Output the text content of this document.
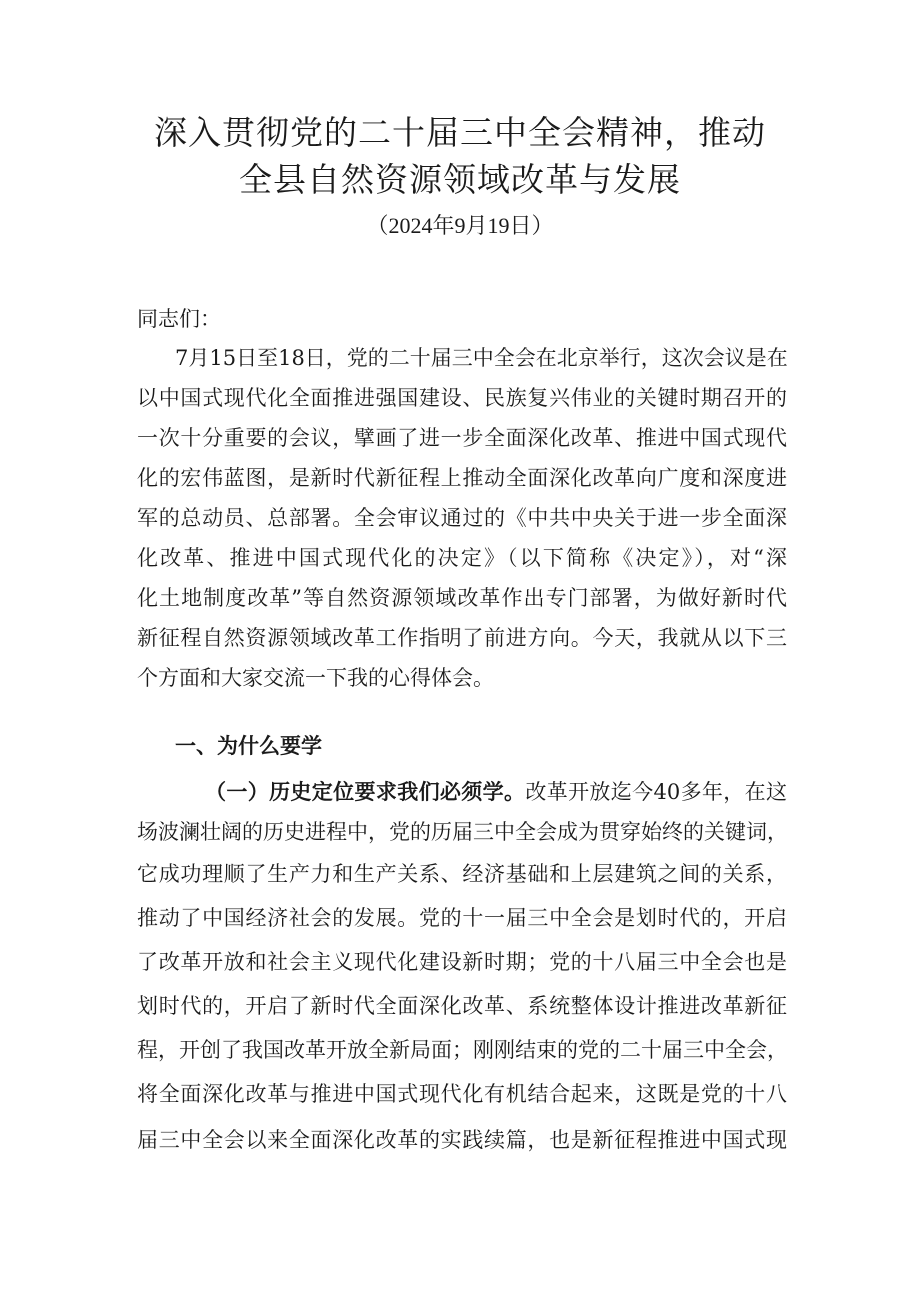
深入贯彻党的二十届三中全会精神，推动
全县自然资源领域改革与发展
（2024年9月19日）
同志们：
7月15日至18日，党的二十届三中全会在北京举行，这次会议是在
以中国式现代化全面推进强国建设、民族复兴伟业的关键时期召开的
一次十分重要的会议，擘画了进一步全面深化改革、推进中国式现代
化的宏伟蓝图，是新时代新征程上推动全面深化改革向广度和深度进
军的总动员、总部署。全会审议通过的《中共中央关于进一步全面深
化改革、推进中国式现代化的决定》（以下简称《决定》），对“深
化土地制度改革”等自然资源领域改革作出专门部署，为做好新时代
新征程自然资源领域改革工作指明了前进方向。今天，我就从以下三
个方面和大家交流一下我的心得体会。
一、为什么要学
（一）历史定位要求我们必须学。改革开放迄今40多年，在这
场波澜壮阔的历史进程中，党的历届三中全会成为贯穿始终的关键词，
它成功理顺了生产力和生产关系、经济基础和上层建筑之间的关系，
推动了中国经济社会的发展。党的十一届三中全会是划时代的，开启
了改革开放和社会主义现代化建设新时期；党的十八届三中全会也是
划时代的，开启了新时代全面深化改革、系统整体设计推进改革新征
程，开创了我国改革开放全新局面；刚刚结束的党的二十届三中全会，
将全面深化改革与推进中国式现代化有机结合起来，这既是党的十八
届三中全会以来全面深化改革的实践续篇，也是新征程推进中国式现
